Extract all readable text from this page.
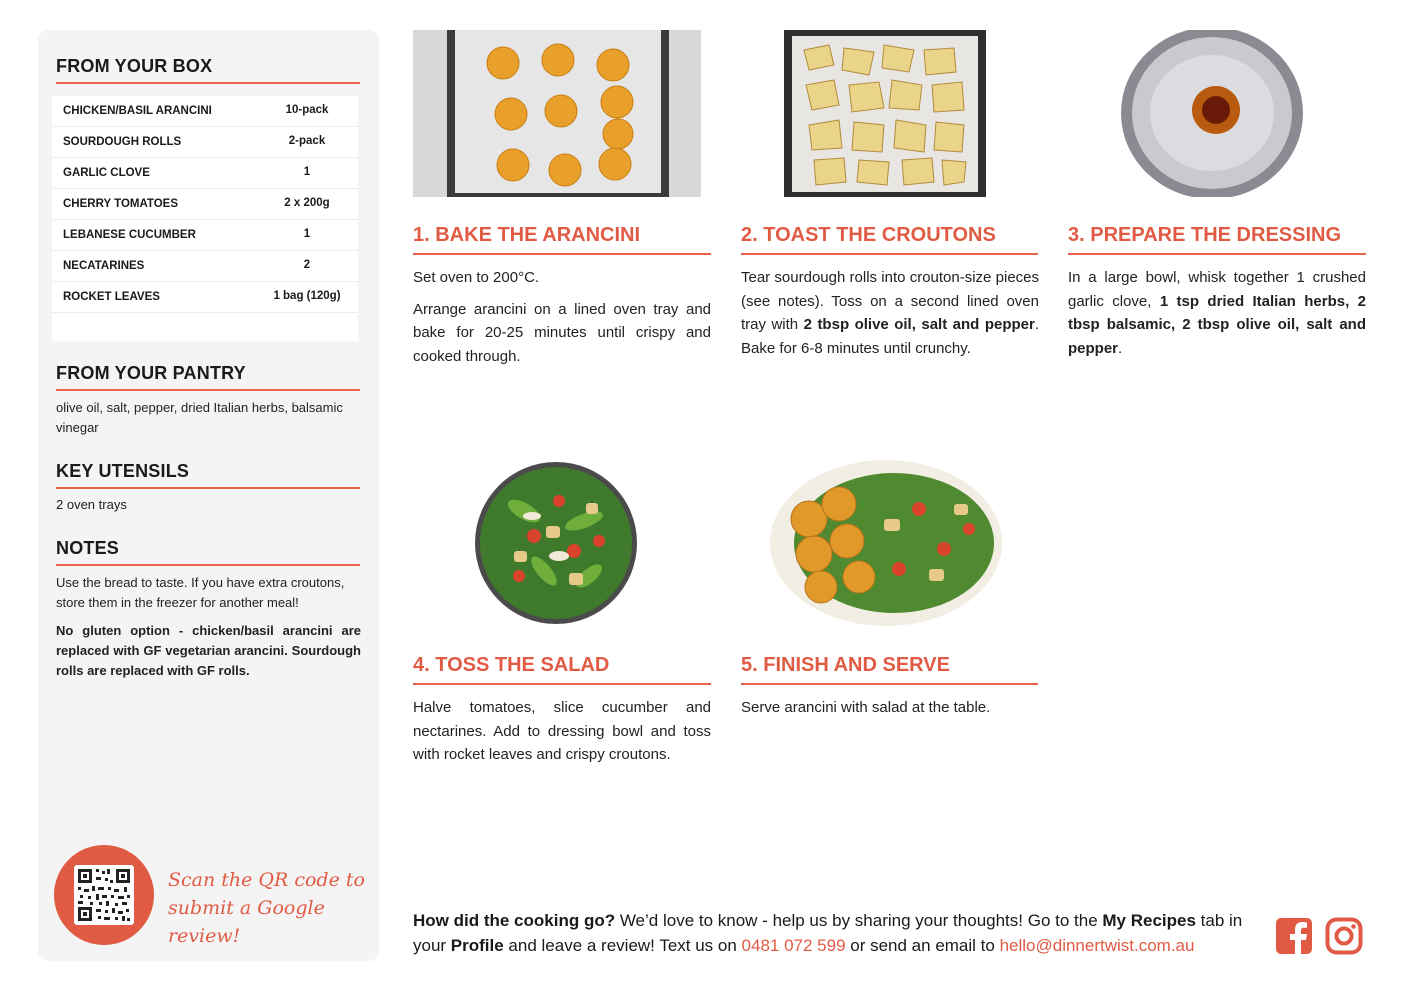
FROM YOUR BOX
CHICKEN/BASIL ARANCINI	10-pack
SOURDOUGH ROLLS	2-pack
GARLIC CLOVE	1
CHERRY TOMATOES	2 x 200g
LEBANESE CUCUMBER	1
NECATARINES	2
ROCKET LEAVES	1 bag (120g)
FROM YOUR PANTRY
olive oil, salt, pepper, dried Italian herbs, balsamic vinegar
KEY UTENSILS
2 oven trays
NOTES
Use the bread to taste. If you have extra croutons, store them in the freezer for another meal!
No gluten option - chicken/basil arancini are replaced with GF vegetarian arancini. Sourdough rolls are replaced with GF rolls.
Scan the QR code to
submit a Google review!
1. BAKE THE ARANCINI	2. TOAST THE CROUTONS	3. PREPARE THE DRESSING

Set oven to 200°C.

Arrange arancini on a lined oven tray and bake for 20-25 minutes until crispy and cooked through.

Tear sourdough rolls into crouton-size pieces (see notes). Toss on a second lined oven tray with 2 tbsp olive oil, salt and pepper. Bake for 6-8 minutes until crunchy.

In a large bowl, whisk together 1 crushed garlic clove, 1 tsp dried Italian herbs, 2 tbsp balsamic, 2 tbsp olive oil, salt and pepper.

4. TOSS THE SALAD	5. FINISH AND SERVE

Halve tomatoes, slice cucumber and nectarines. Add to dressing bowl and toss with rocket leaves and crispy croutons.

Serve arancini with salad at the table.

How did the cooking go? We’d love to know - help us by sharing your thoughts! Go to the My Recipes tab in your Profile and leave a review! Text us on 0481 072 599 or send an email to hello@dinnertwist.com.au
